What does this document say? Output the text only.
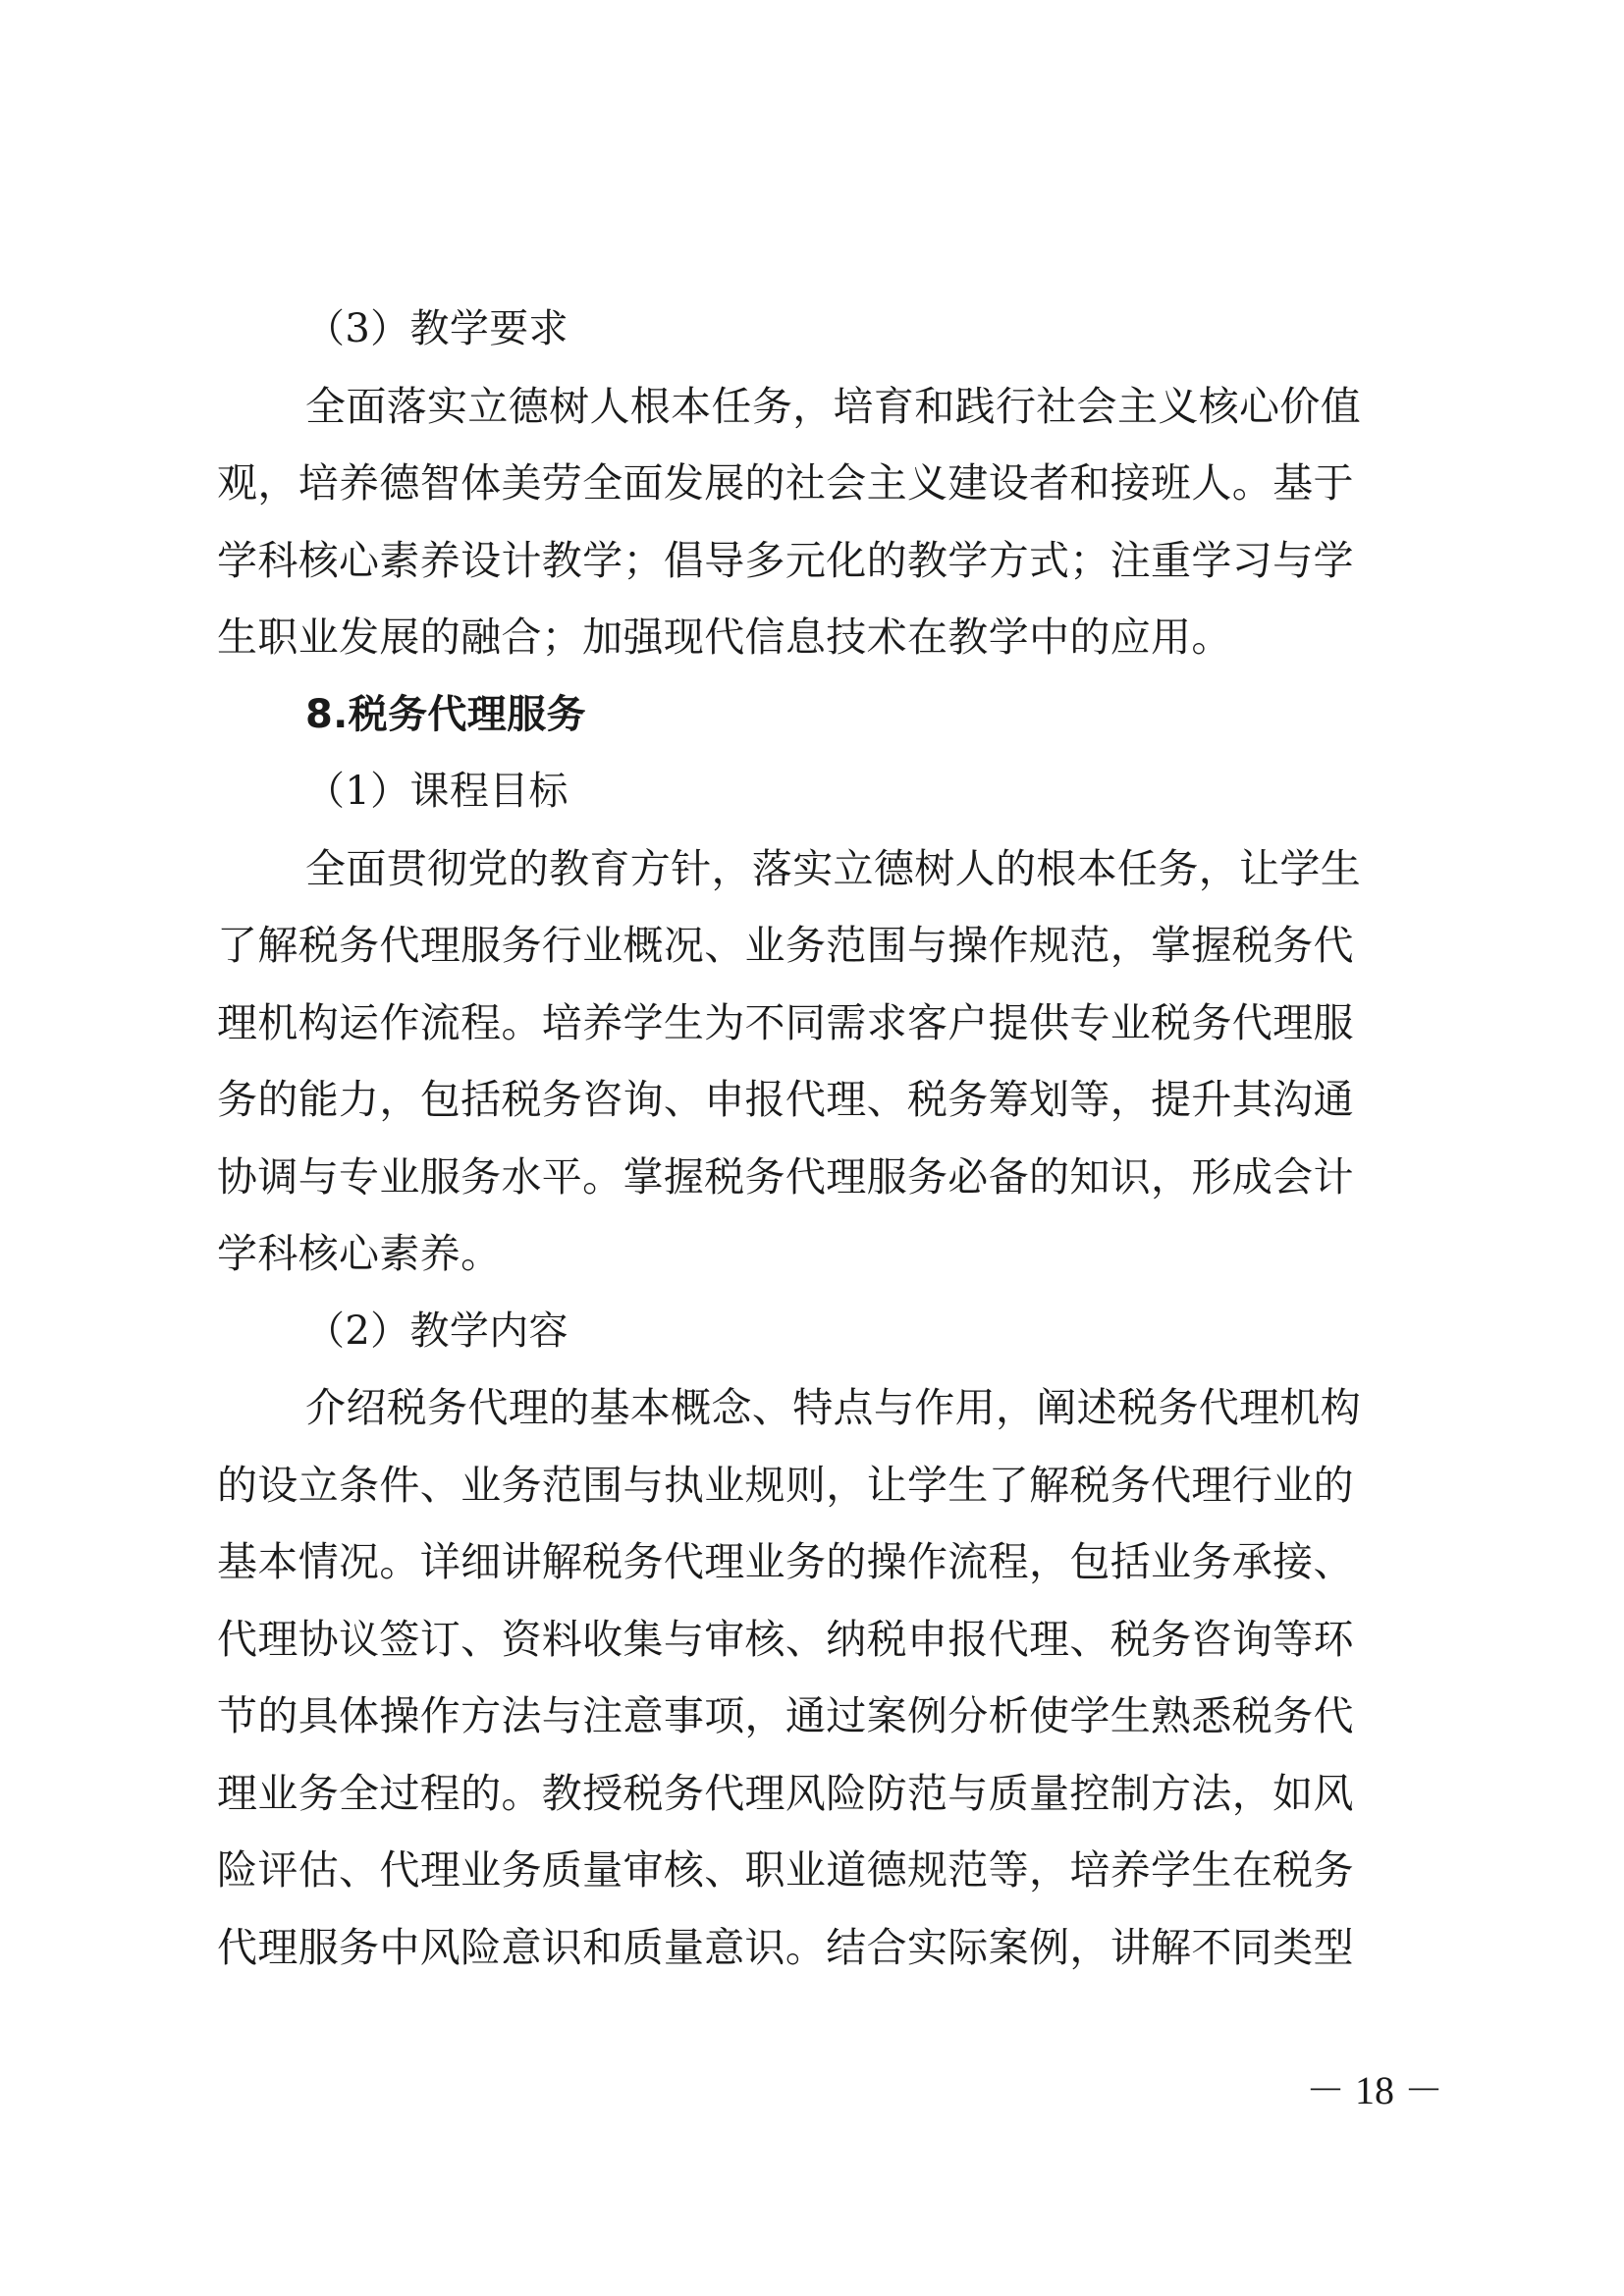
（3）教学要求
全面落实立德树人根本任务，培育和践行社会主义核心价值
观，培养德智体美劳全面发展的社会主义建设者和接班人。基于
学科核心素养设计教学；倡导多元化的教学方式；注重学习与学
生职业发展的融合；加强现代信息技术在教学中的应用。
8.税务代理服务
（1）课程目标
全面贯彻党的教育方针，落实立德树人的根本任务，让学生
了解税务代理服务行业概况、业务范围与操作规范，掌握税务代
理机构运作流程。培养学生为不同需求客户提供专业税务代理服
务的能力，包括税务咨询、申报代理、税务筹划等，提升其沟通
协调与专业服务水平。掌握税务代理服务必备的知识，形成会计
学科核心素养。
（2）教学内容
介绍税务代理的基本概念、特点与作用，阐述税务代理机构
的设立条件、业务范围与执业规则，让学生了解税务代理行业的
基本情况。详细讲解税务代理业务的操作流程，包括业务承接、
代理协议签订、资料收集与审核、纳税申报代理、税务咨询等环
节的具体操作方法与注意事项，通过案例分析使学生熟悉税务代
理业务全过程的。教授税务代理风险防范与质量控制方法，如风
险评估、代理业务质量审核、职业道德规范等，培养学生在税务
代理服务中风险意识和质量意识。结合实际案例，讲解不同类型
－ 18 －
